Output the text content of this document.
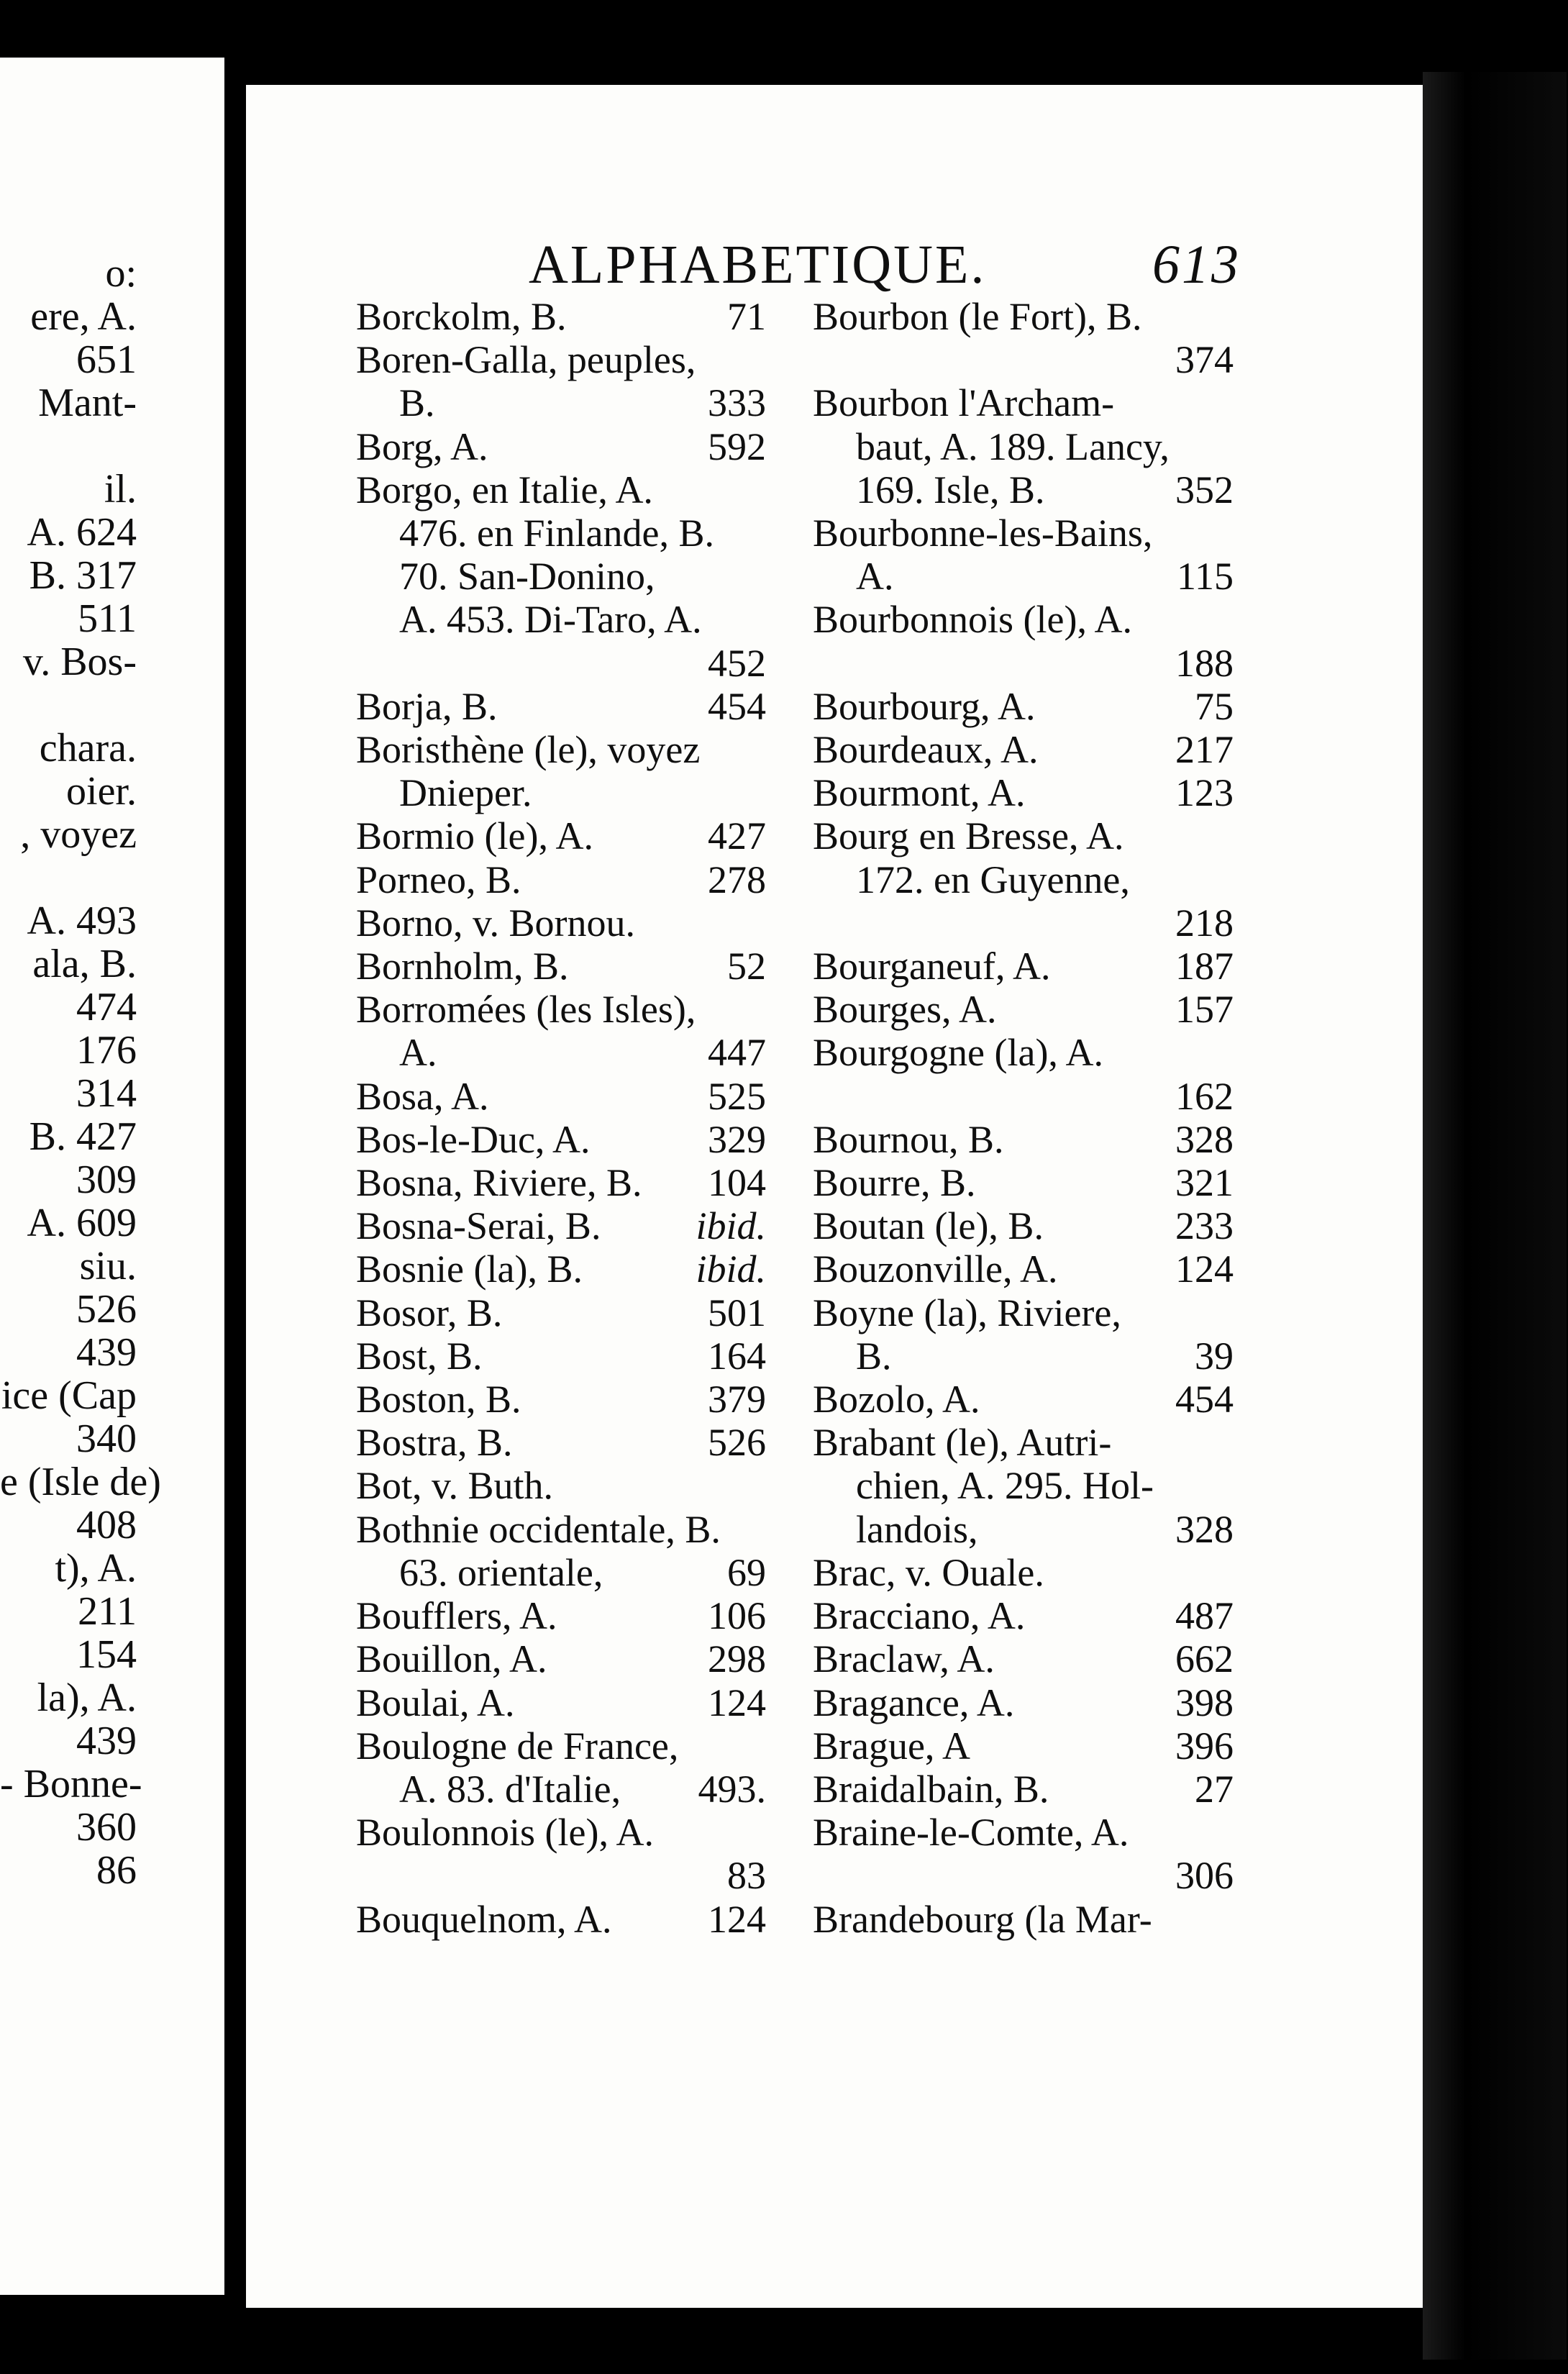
o:
ere, A.
651
Mant-
il.
A. 624
B. 317
511
v. Bos-
chara.
oier.
, voyez
A. 493
ala, B.
474
176
314
B. 427
309
A. 609
siu.
526
439
ice (Cap
340
e (Isle de)
408
t), A.
211
154
la), A.
439
- Bonne-
360
86
ALPHABETIQUE.	613
Borckolm, B.	71
Boren-Galla, peuples,
B.	333
Borg, A.	592
Borgo, en Italie, A.
476. en Finlande, B.
70. San-Donino,
A. 453. Di-Taro, A.

452
Borja, B.	454
Boristhène (le), voyez
Dnieper.
Bormio (le), A.	427
Porneo, B.	278
Borno, v. Bornou.
Bornholm, B.	52
Borromées (les Isles),
A.	447
Bosa, A.	525
Bos-le-Duc, A.	329
Bosna, Riviere, B. 104
Bosna-Serai, B. ibid.
Bosnie (la), B.	ibid.
Bosor, B.	501
Bost, B.	164
Boston, B.	379
Bostra, B.	526
Bot, v. Buth.
Bothnie occidentale, B.
63. orientale,	69
Boufflers, A.	106
Bouillon, A.	298
Boulai, A.	124
Boulogne de France,
A. 83. d'Italie, 493.
Boulonnois (le), A.

83
Bouquelnom, A. 124
Bourbon (le Fort), B.

374
Bourbon l'Archam-
baut, A. 189. Lancy,
169. Isle, B.	352
Bourbonne-les-Bains,
A.	115
Bourbonnois (le), A.

188
Bourbourg, A.	75
Bourdeaux, A.	217
Bourmont, A.	123
Bourg en Bresse, A.
172. en Guyenne,

218
Bourganeuf, A.	187
Bourges, A.	157
Bourgogne (la), A.

162
Bournou, B.	328
Bourre, B.	321
Boutan (le), B.	233
Bouzonville, A.	124
Boyne (la), Riviere,
B.	39
Bozolo, A.	454
Brabant (le), Autri-
chien, A. 295. Hol-
landois,	328
Brac, v. Ouale.
Bracciano, A.	487
Braclaw, A.	662
Bragance, A.	398
Brague, A	396
Braidalbain, B.	27
Braine-le-Comte, A.

306
Brandebourg (la Mar-
